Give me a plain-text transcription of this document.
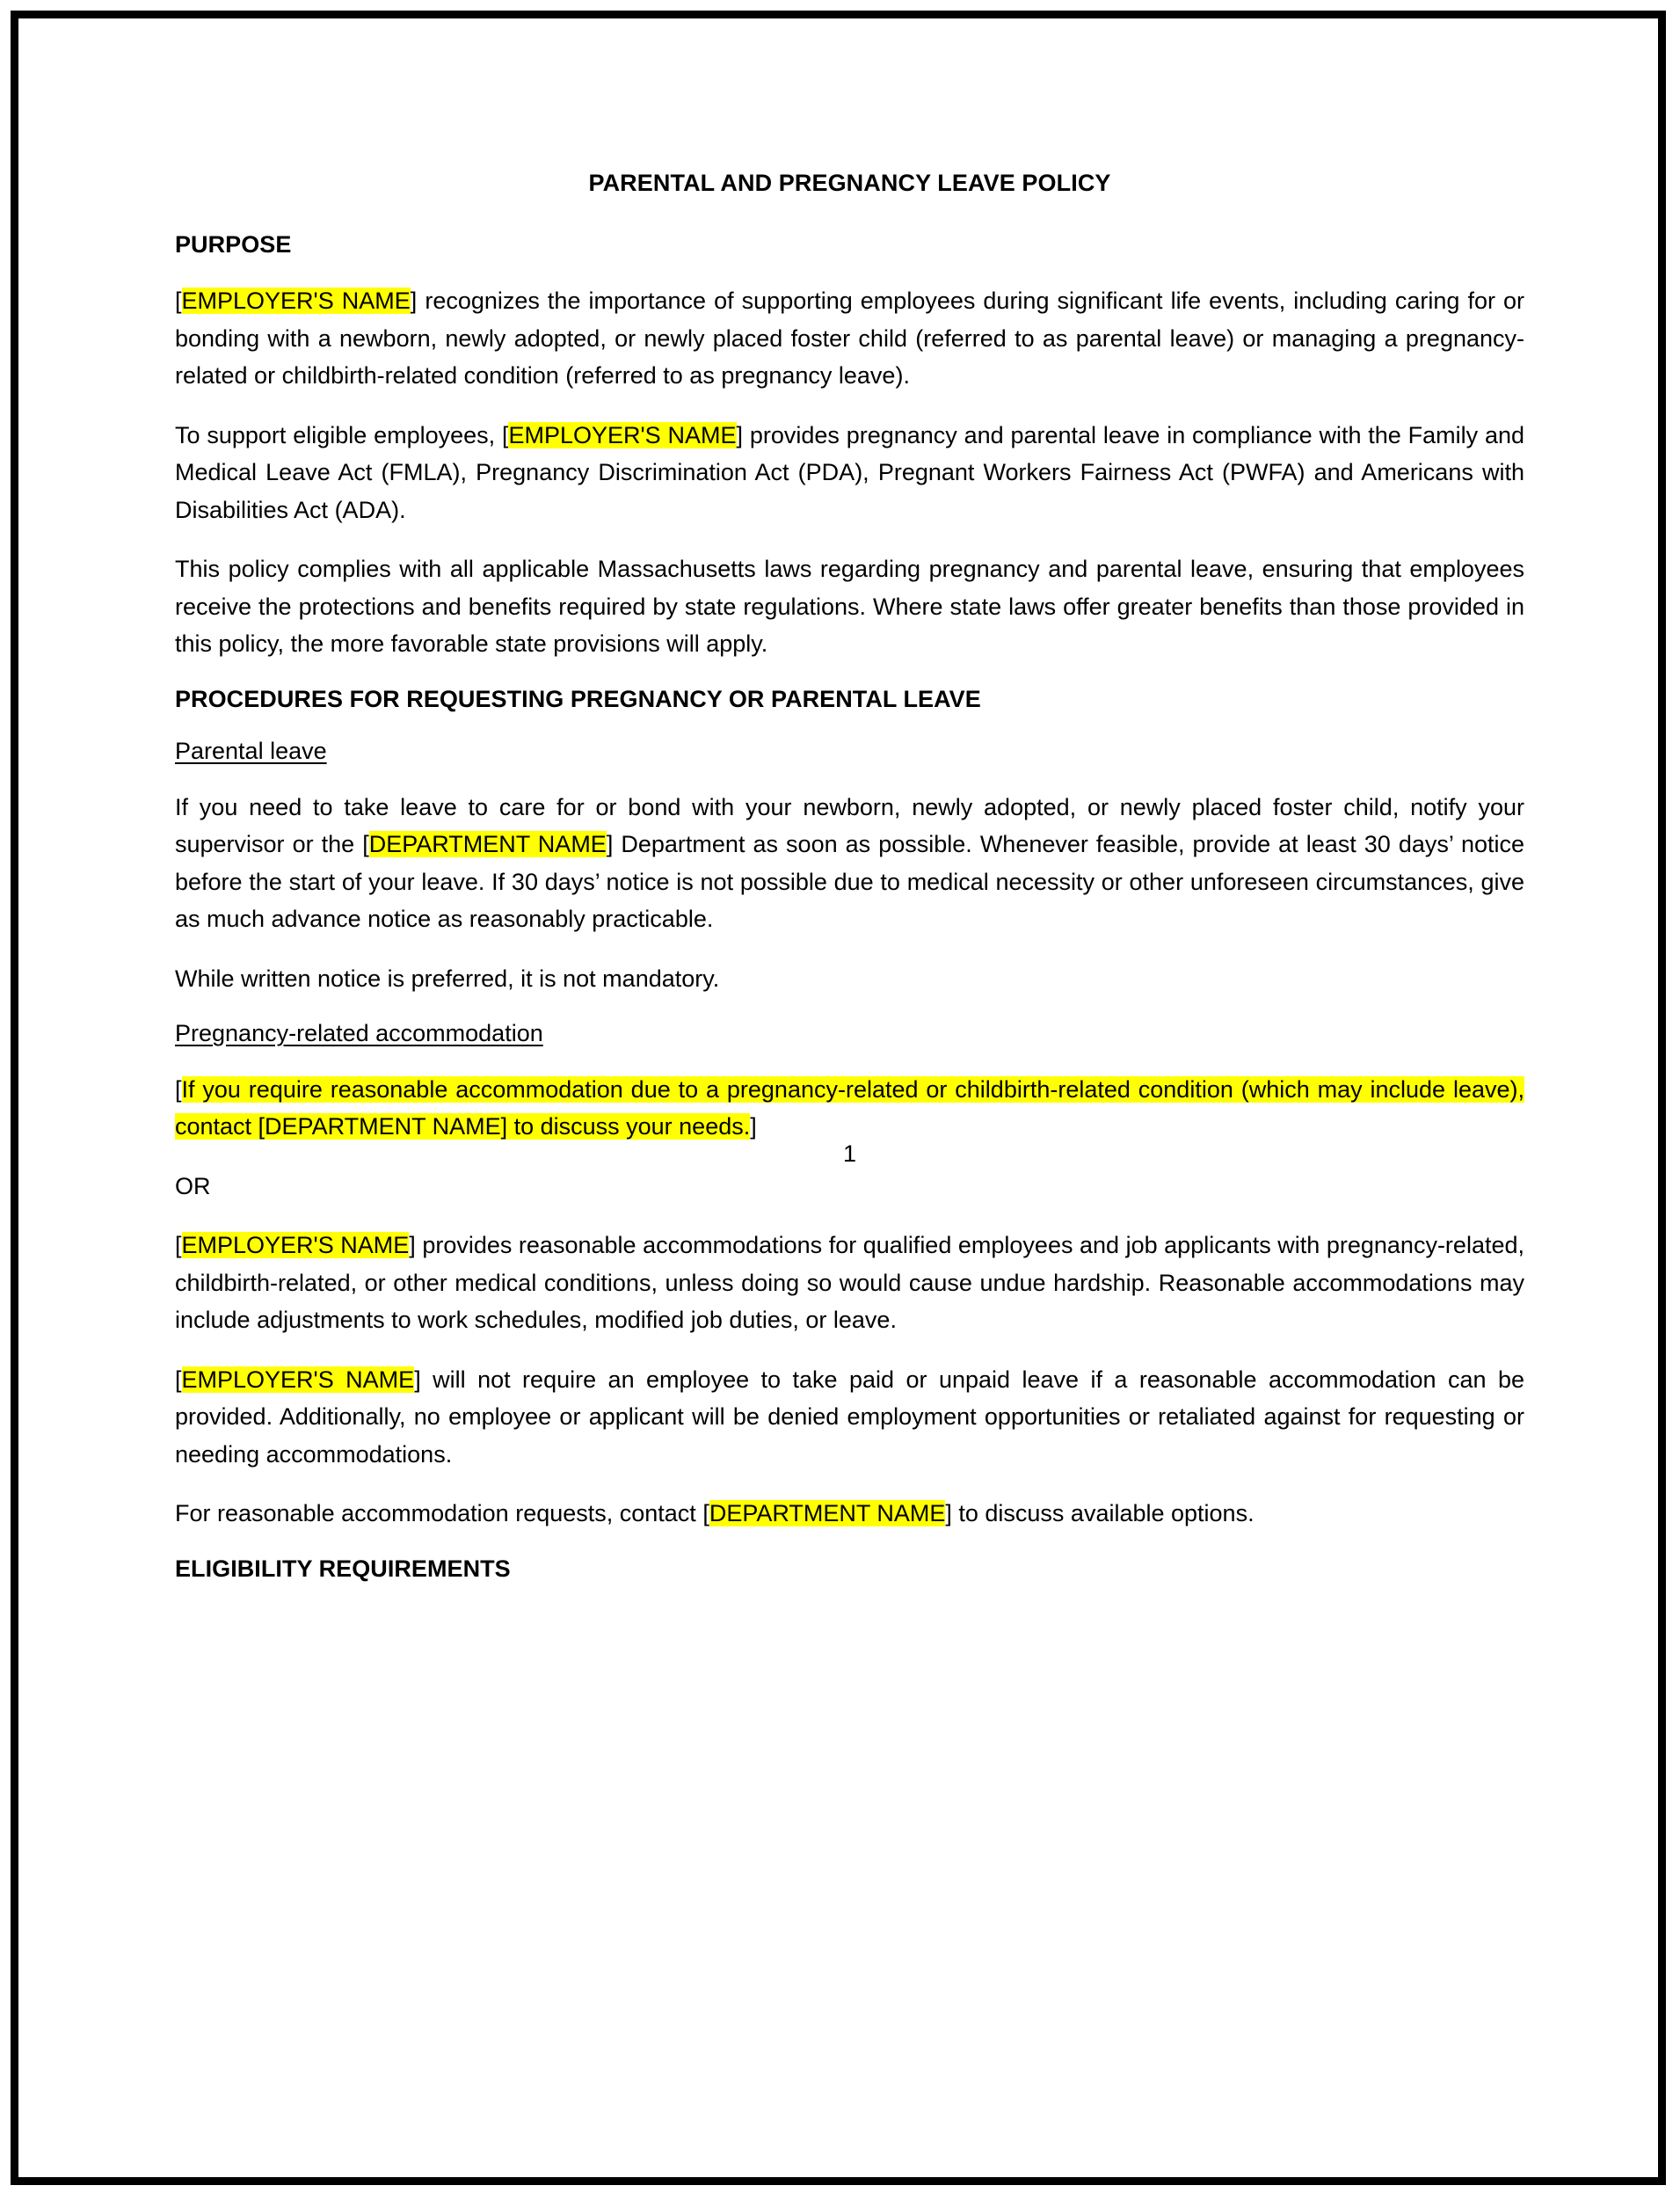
PARENTAL AND PREGNANCY LEAVE POLICY
PURPOSE

[EMPLOYER'S NAME] recognizes the importance of supporting employees during significant life events, including caring for or bonding with a newborn, newly adopted, or newly placed foster child (referred to as parental leave) or managing a pregnancy-related or childbirth-related condition (referred to as pregnancy leave).

To support eligible employees, [EMPLOYER'S NAME] provides pregnancy and parental leave in compliance with the Family and Medical Leave Act (FMLA), Pregnancy Discrimination Act (PDA), Pregnant Workers Fairness Act (PWFA) and Americans with Disabilities Act (ADA).

This policy complies with all applicable Massachusetts laws regarding pregnancy and parental leave, ensuring that employees receive the protections and benefits required by state regulations. Where state laws offer greater benefits than those provided in this policy, the more favorable state provisions will apply.

PROCEDURES FOR REQUESTING PREGNANCY OR PARENTAL LEAVE
Parental leave

If you need to take leave to care for or bond with your newborn, newly adopted, or newly placed foster child, notify your supervisor or the [DEPARTMENT NAME] Department as soon as possible. Whenever feasible, provide at least 30 days’ notice before the start of your leave. If 30 days’ notice is not possible due to medical necessity or other unforeseen circumstances, give as much advance notice as reasonably practicable.

While written notice is preferred, it is not mandatory.

Pregnancy-related accommodation

[If you require reasonable accommodation due to a pregnancy-related or childbirth-related condition (which may include leave), contact [DEPARTMENT NAME] to discuss your needs.]

OR

[EMPLOYER'S NAME] provides reasonable accommodations for qualified employees and job applicants with pregnancy-related, childbirth-related, or other medical conditions, unless doing so would cause undue hardship. Reasonable accommodations may include adjustments to work schedules, modified job duties, or leave.

[EMPLOYER'S NAME] will not require an employee to take paid or unpaid leave if a reasonable accommodation can be provided. Additionally, no employee or applicant will be denied employment opportunities or retaliated against for requesting or needing accommodations.

For reasonable accommodation requests, contact [DEPARTMENT NAME] to discuss available options.

ELIGIBILITY REQUIREMENTS
1
